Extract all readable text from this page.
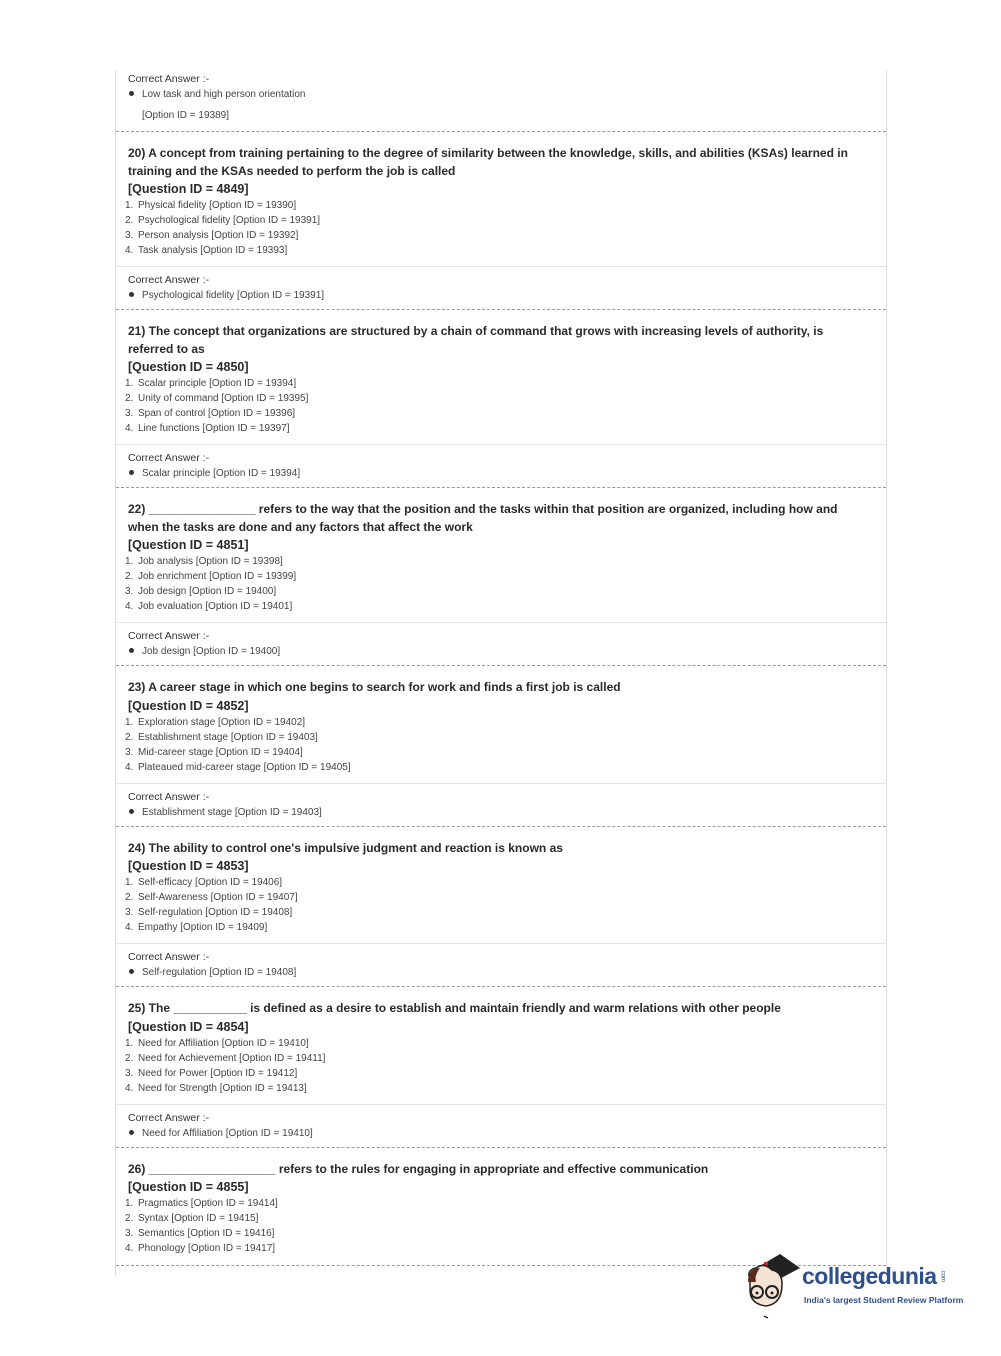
Correct Answer :-
Low task and high person orientation
[Option ID = 19389]
20) A concept from training pertaining to the degree of similarity between the knowledge, skills, and abilities (KSAs) learned in training and the KSAs needed to perform the job is called
[Question ID = 4849]
1. Physical fidelity [Option ID = 19390]
2. Psychological fidelity [Option ID = 19391]
3. Person analysis [Option ID = 19392]
4. Task analysis [Option ID = 19393]
Correct Answer :-
Psychological fidelity [Option ID = 19391]
21) The concept that organizations are structured by a chain of command that grows with increasing levels of authority, is referred to as
[Question ID = 4850]
1. Scalar principle [Option ID = 19394]
2. Unity of command [Option ID = 19395]
3. Span of control [Option ID = 19396]
4. Line functions [Option ID = 19397]
Correct Answer :-
Scalar principle [Option ID = 19394]
22) ________________ refers to the way that the position and the tasks within that position are organized, including how and when the tasks are done and any factors that affect the work
[Question ID = 4851]
1. Job analysis [Option ID = 19398]
2. Job enrichment [Option ID = 19399]
3. Job design [Option ID = 19400]
4. Job evaluation [Option ID = 19401]
Correct Answer :-
Job design [Option ID = 19400]
23) A career stage in which one begins to search for work and finds a first job is called
[Question ID = 4852]
1. Exploration stage [Option ID = 19402]
2. Establishment stage [Option ID = 19403]
3. Mid-career stage [Option ID = 19404]
4. Plateaued mid-career stage [Option ID = 19405]
Correct Answer :-
Establishment stage [Option ID = 19403]
24) The ability to control one's impulsive judgment and reaction is known as
[Question ID = 4853]
1. Self-efficacy [Option ID = 19406]
2. Self-Awareness [Option ID = 19407]
3. Self-regulation [Option ID = 19408]
4. Empathy [Option ID = 19409]
Correct Answer :-
Self-regulation [Option ID = 19408]
25) The ___________ is defined as a desire to establish and maintain friendly and warm relations with other people
[Question ID = 4854]
1. Need for Affiliation [Option ID = 19410]
2. Need for Achievement [Option ID = 19411]
3. Need for Power [Option ID = 19412]
4. Need for Strength [Option ID = 19413]
Correct Answer :-
Need for Affiliation [Option ID = 19410]
26) ___________________ refers to the rules for engaging in appropriate and effective communication
[Question ID = 4855]
1. Pragmatics [Option ID = 19414]
2. Syntax [Option ID = 19415]
3. Semantics [Option ID = 19416]
4. Phonology [Option ID = 19417]
collegedunia .com
India's largest Student Review Platform
